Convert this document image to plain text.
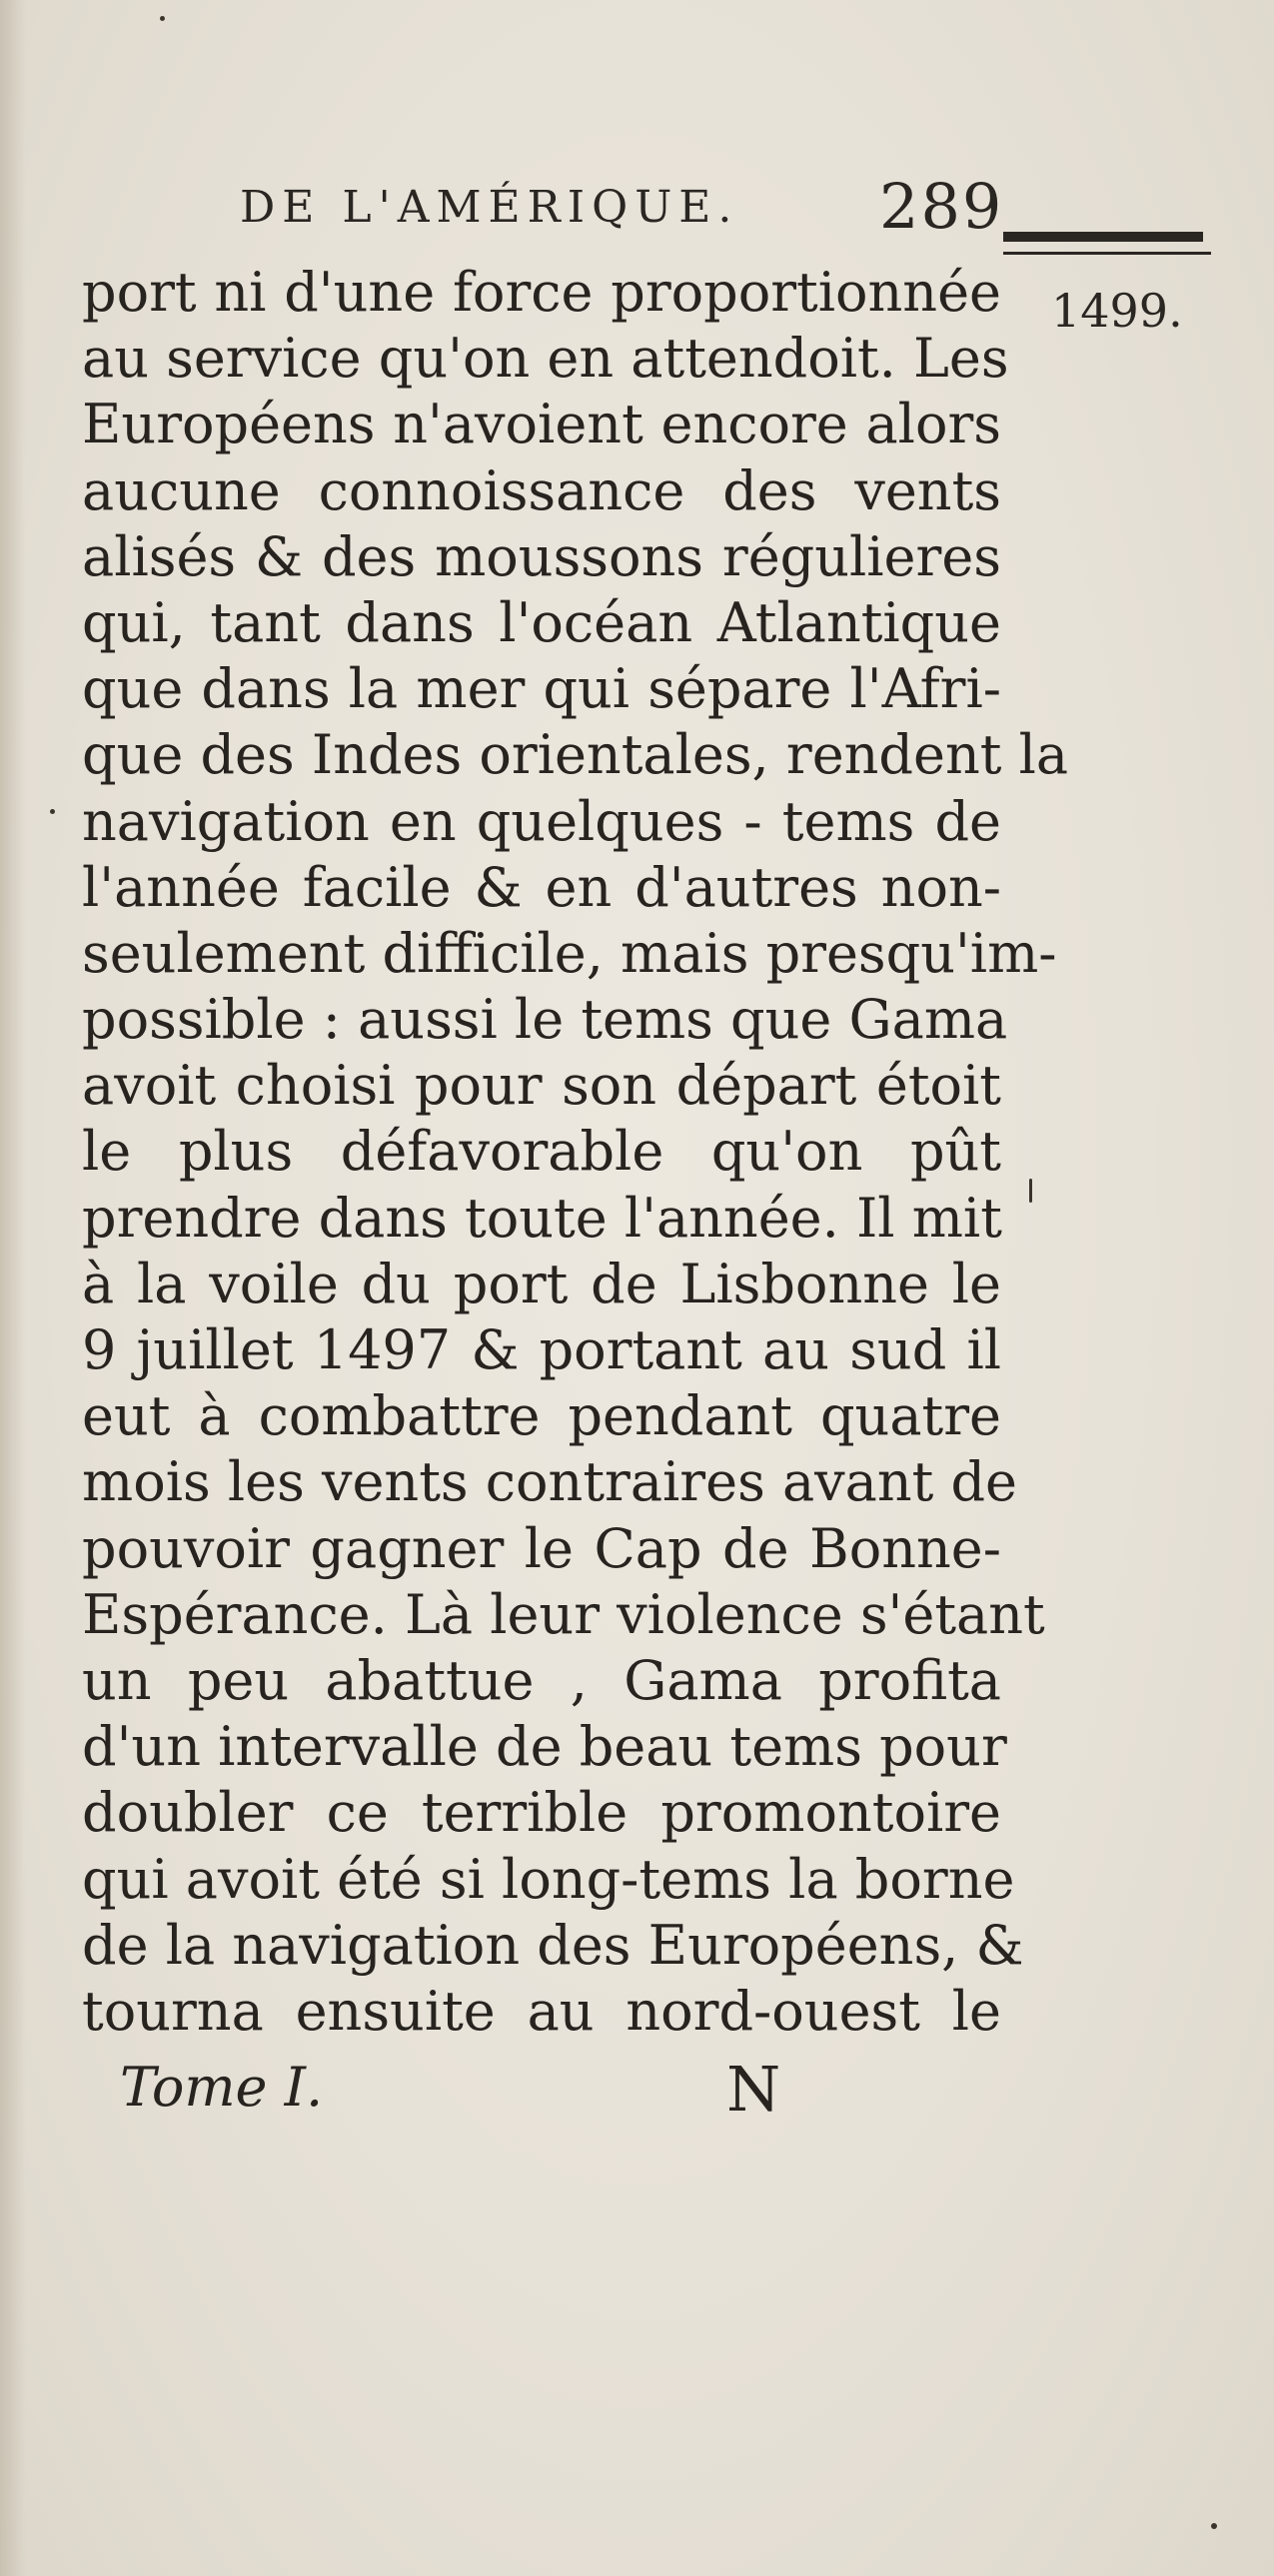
DE L'AMÉRIQUE. 289
1499.
port ni d'une force proportionnée
au service qu'on en attendoit. Les
Européens n'avoient encore alors
aucune connoissance des vents
alisés & des moussons régulieres
qui, tant dans l'océan Atlantique
que dans la mer qui sépare l'Afri-
que des Indes orientales, rendent la
navigation en quelques - tems de
l'année facile & en d'autres non-
seulement difficile, mais presqu'im-
possible : aussi le tems que Gama
avoit choisi pour son départ étoit
le plus défavorable qu'on pût
prendre dans toute l'année. Il mit
à la voile du port de Lisbonne le
9 juillet 1497 & portant au sud il
eut à combattre pendant quatre
mois les vents contraires avant de
pouvoir gagner le Cap de Bonne-
Espérance. Là leur violence s'étant
un peu abattue , Gama profita
d'un intervalle de beau tems pour
doubler ce terrible promontoire
qui avoit été si long-tems la borne
de la navigation des Européens, &
tourna ensuite au nord-ouest le
Tome I.	N
